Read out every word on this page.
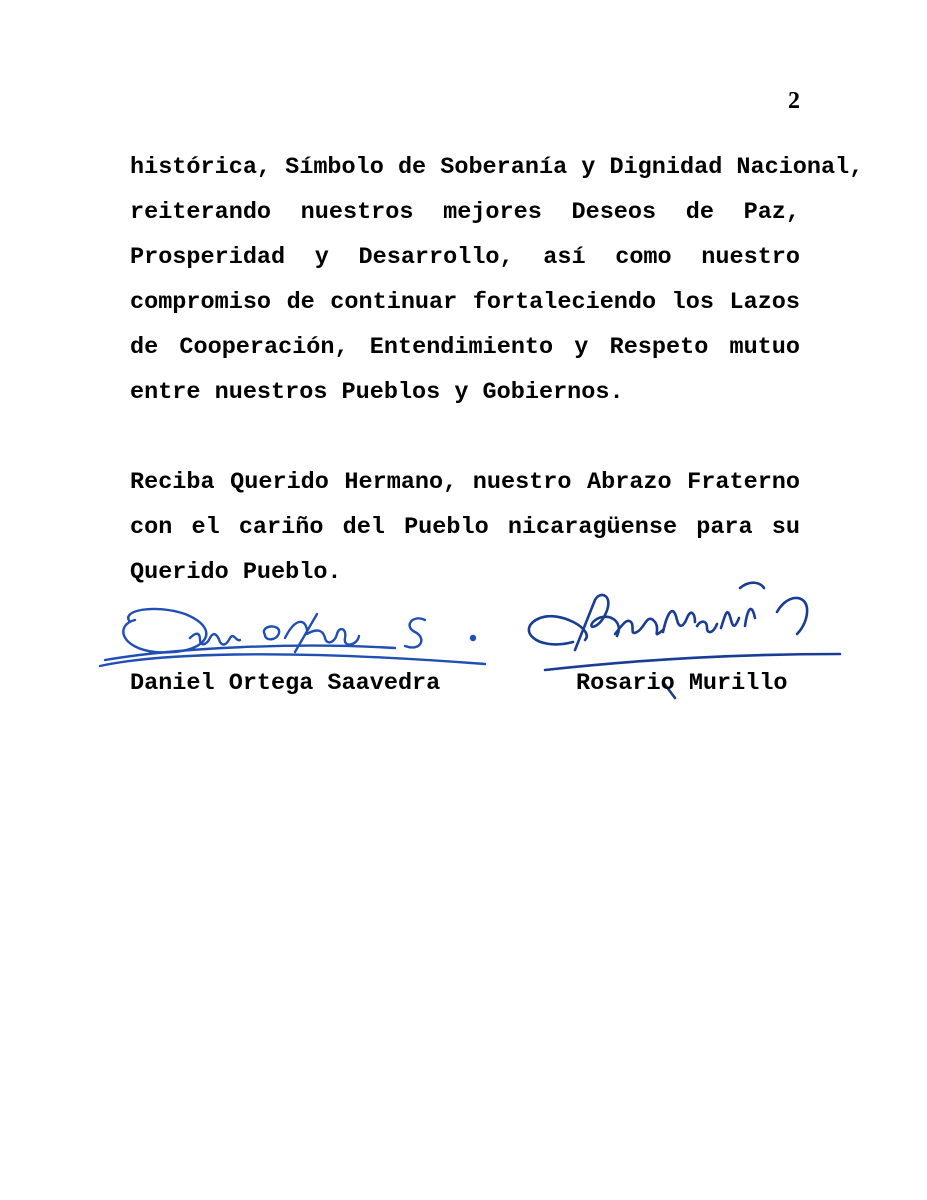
2
histórica, Símbolo de Soberanía y Dignidad Nacional,
reiterando nuestros mejores Deseos de Paz,
Prosperidad y Desarrollo, así como nuestro
compromiso de continuar fortaleciendo los Lazos
de Cooperación, Entendimiento y Respeto mutuo
entre nuestros Pueblos y Gobiernos.
Reciba Querido Hermano, nuestro Abrazo Fraterno
con el cariño del Pueblo nicaragüense para su
Querido Pueblo.
Daniel Ortega Saavedra	Rosario Murillo
